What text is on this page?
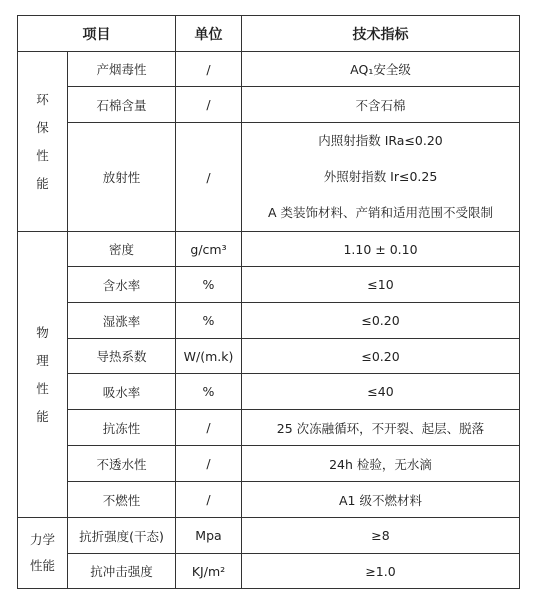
项目		单位	技术指标

环
保
性
能	产烟毒性	/	AQ₁安全级
	石棉含量	/	不含石棉
	放射性	/	内照射指数 IRa≤0.20
外照射指数 Ir≤0.25
A 类装饰材料、产销和适用范围不受限制

物
理
性
能	密度	g/cm³	1.10 ± 0.10
	含水率	%	≤10
	湿涨率	%	≤0.20
	导热系数	W/(m.k)	≤0.20
	吸水率	%	≤40
	抗冻性	/	25 次冻融循环，不开裂、起层、脱落
	不透水性	/	24h 检验，无水滴
	不燃性	/	A1 级不燃材料

力学
性能	抗折强度(干态)	Mpa	≥8
	抗冲击强度	KJ/m²	≥1.0
